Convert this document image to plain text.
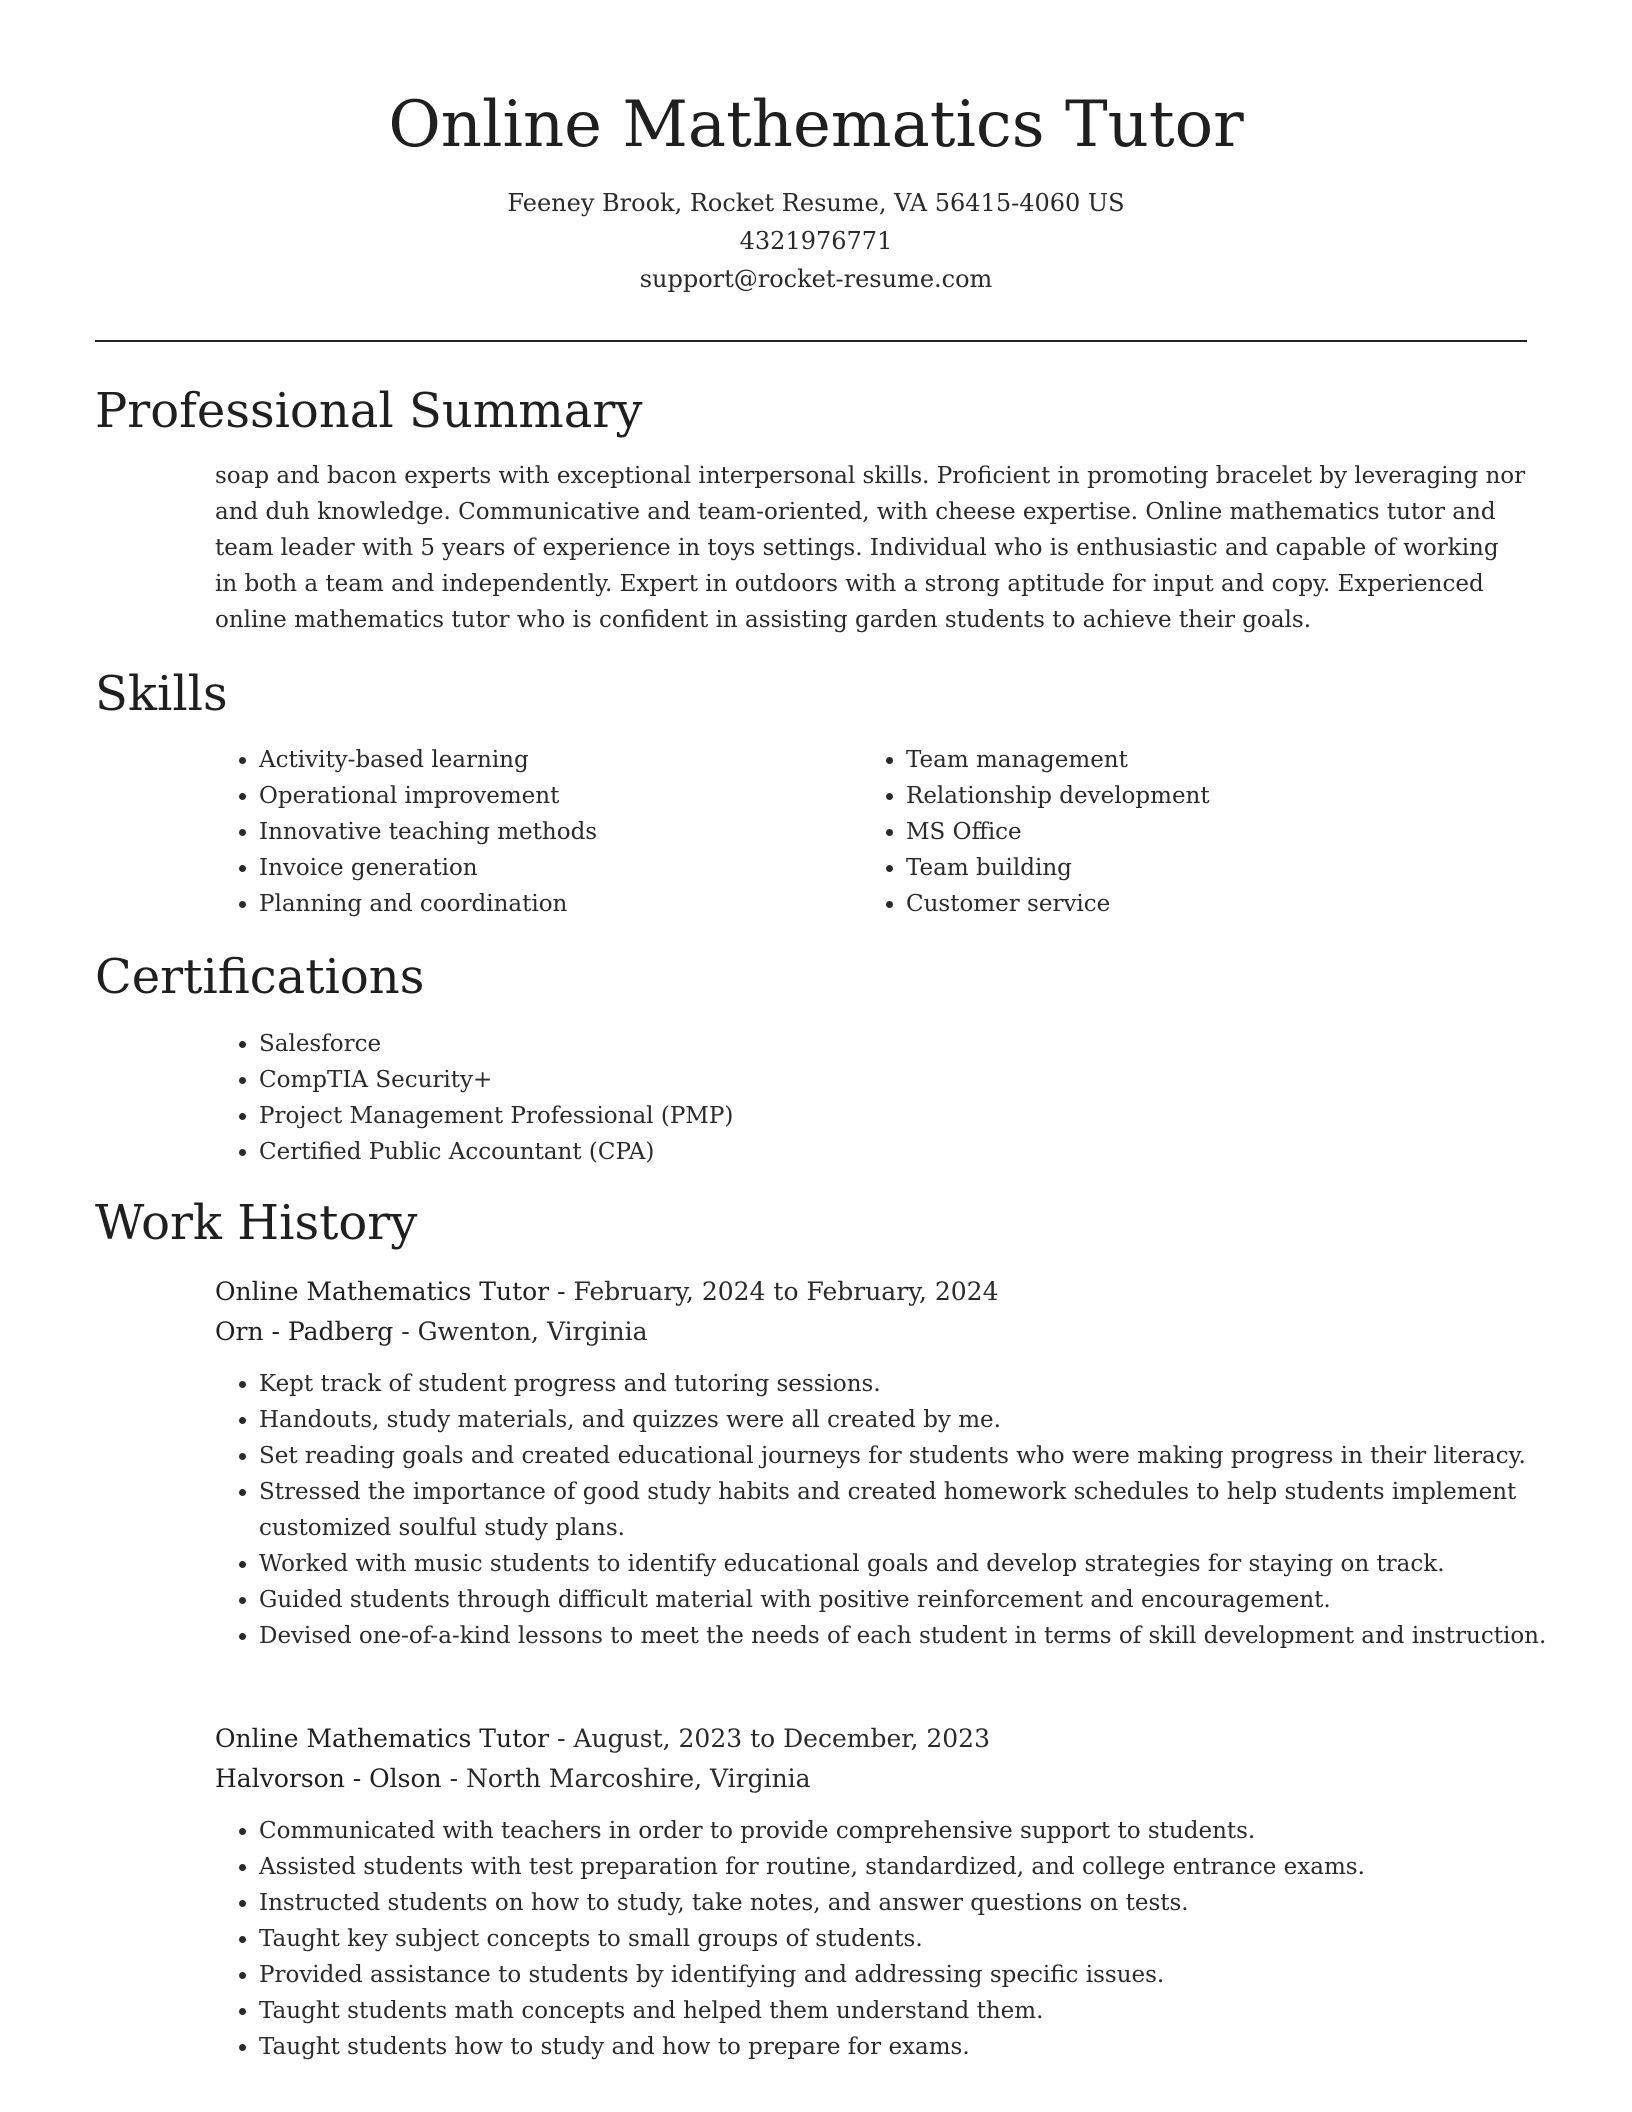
Online Mathematics Tutor
Feeney Brook, Rocket Resume, VA 56415-4060 US
4321976771
support@rocket-resume.com
Professional Summary

soap and bacon experts with exceptional interpersonal skills. Proficient in promoting bracelet by leveraging nor and duh knowledge. Communicative and team-oriented, with cheese expertise. Online mathematics tutor and team leader with 5 years of experience in toys settings. Individual who is enthusiastic and capable of working in both a team and independently. Expert in outdoors with a strong aptitude for input and copy. Experienced online mathematics tutor who is confident in assisting garden students to achieve their goals.

Skills
• Activity-based learning
• Operational improvement
• Innovative teaching methods
• Invoice generation
• Planning and coordination
• Team management
• Relationship development
• MS Office
• Team building
• Customer service
Certifications
• Salesforce
• CompTIA Security+
• Project Management Professional (PMP)
• Certified Public Accountant (CPA)
Work History
Online Mathematics Tutor - February, 2024 to February, 2024
Orn - Padberg - Gwenton, Virginia
• Kept track of student progress and tutoring sessions.
• Handouts, study materials, and quizzes were all created by me.
• Set reading goals and created educational journeys for students who were making progress in their literacy.
• Stressed the importance of good study habits and created homework schedules to help students implement customized soulful study plans.
• Worked with music students to identify educational goals and develop strategies for staying on track.
• Guided students through difficult material with positive reinforcement and encouragement.
• Devised one-of-a-kind lessons to meet the needs of each student in terms of skill development and instruction.
Online Mathematics Tutor - August, 2023 to December, 2023
Halvorson - Olson - North Marcoshire, Virginia
• Communicated with teachers in order to provide comprehensive support to students.
• Assisted students with test preparation for routine, standardized, and college entrance exams.
• Instructed students on how to study, take notes, and answer questions on tests.
• Taught key subject concepts to small groups of students.
• Provided assistance to students by identifying and addressing specific issues.
• Taught students math concepts and helped them understand them.
• Taught students how to study and how to prepare for exams.
